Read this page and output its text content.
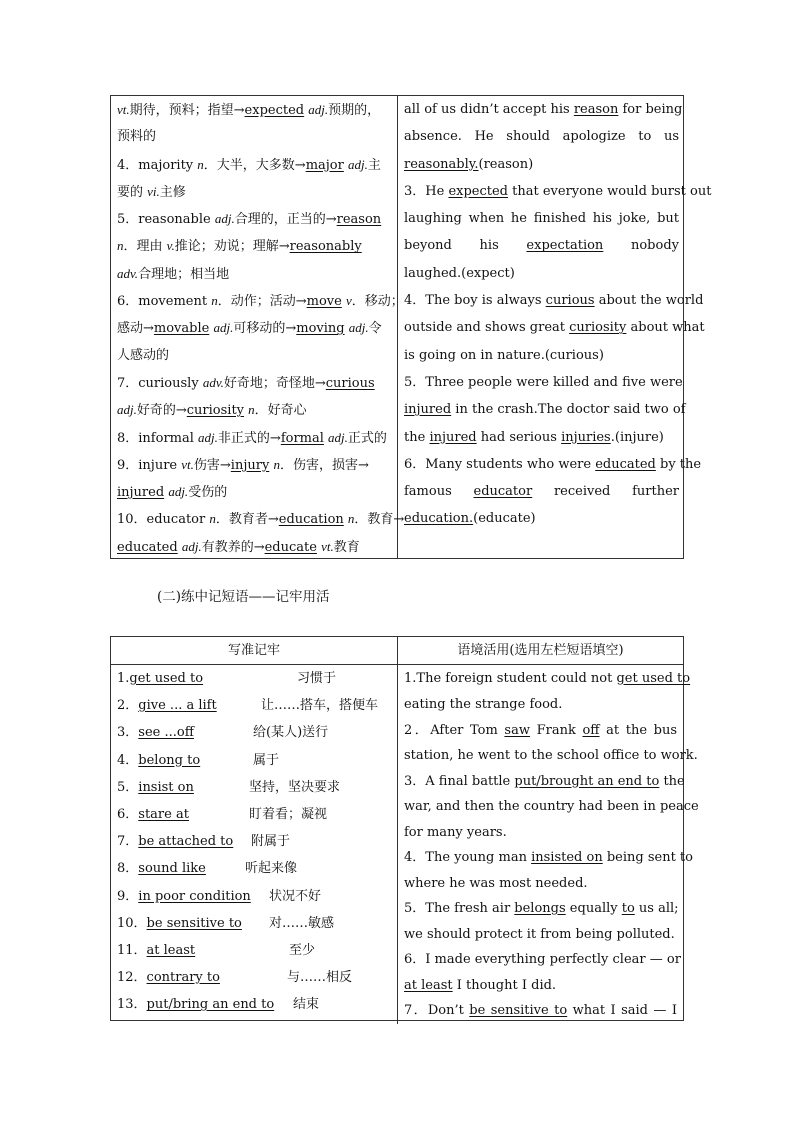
vt.期待，预料；指望→expected adj.预期的，
预料的
4．majority n．大半，大多数→major adj.主
要的 vi.主修
5．reasonable adj.合理的，正当的→reason
n．理由 v.推论；劝说；理解→reasonably
adv.合理地；相当地
6．movement n．动作；活动→move v．移动；
感动→movable adj.可移动的→moving adj.令
人感动的
7．curiously adv.好奇地；奇怪地→curious
adj.好奇的→curiosity n．好奇心
8．informal adj.非正式的→formal adj.正式的
9．injure vt.伤害→injury n．伤害，损害→
injured adj.受伤的
10．educator n．教育者→education n．教育→
educated adj.有教养的→educate vt.教育
all of us didn’t accept his reason for being
absence. He should apologize to us
reasonably.(reason)
3．He expected that everyone would burst out
laughing when he finished his joke, but
beyond his expectation nobody
laughed.(expect)
4．The boy is always curious about the world
outside and shows great curiosity about what
is going on in nature.(curious)
5．Three people were killed and five were
injured in the crash.The doctor said two of
the injured had serious injuries.(injure)
6．Many students who were educated by the
famous educator received further
education.(educate)
(二)练中记短语——记牢用活
写准记牢	语境活用(选用左栏短语填空)
1.get used to	习惯于
2．give ... a lift	让……搭车，搭便车
3．see ...off	给(某人)送行
4．belong to	属于
5．insist on	坚持，坚决要求
6．stare at	盯着看；凝视
7．be attached to 附属于
8．sound like	听起来像
9．in poor condition 状况不好
10．be sensitive to 对……敏感
11．at least	至少
12．contrary to	与……相反
13．put/bring an end to 结束
1.The foreign student could not get used to
eating the strange food.
2．After Tom saw Frank off at the bus
station, he went to the school office to work.
3．A final battle put/brought an end to the
war, and then the country had been in peace
for many years.
4．The young man insisted on being sent to
where he was most needed.
5．The fresh air belongs equally to us all;
we should protect it from being polluted.
6．I made everything perfectly clear — or
at least I thought I did.
7．Don’t be sensitive to what I said — I
